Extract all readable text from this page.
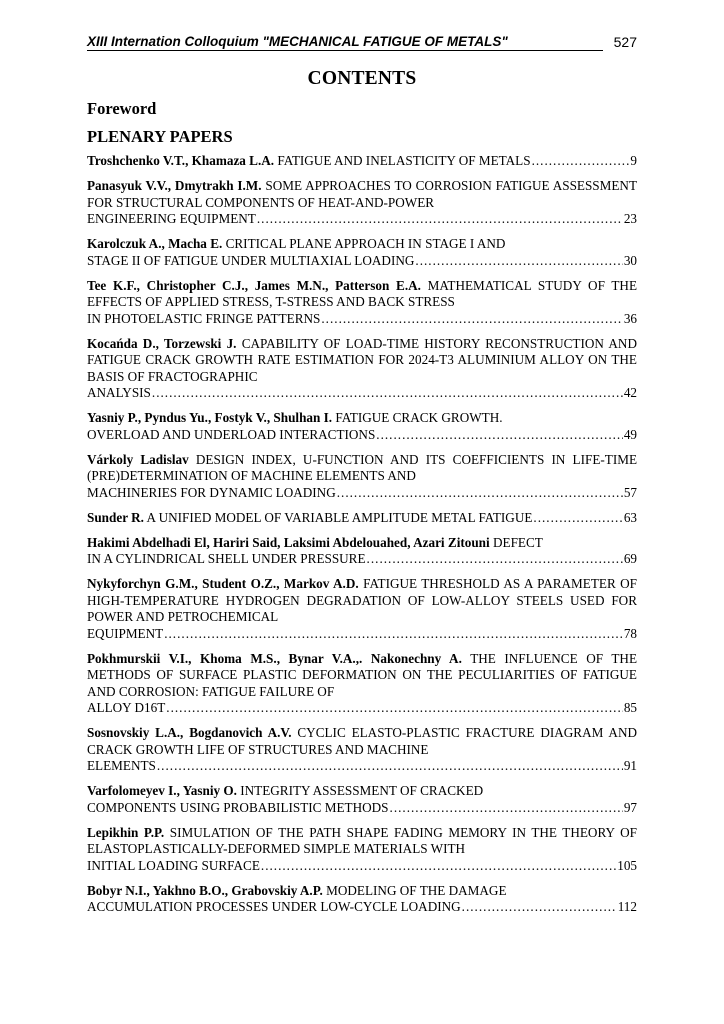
XIII Internation Colloquium "MECHANICAL FATIGUE OF METALS"	527
CONTENTS
Foreword
PLENARY PAPERS
Troshchenko V.T., Khamaza L.A. FATIGUE AND INELASTICITY OF METALS .....	9
Panasyuk V.V., Dmytrakh I.M. SOME APPROACHES TO CORROSION FATIGUE ASSESSMENT FOR STRUCTURAL COMPONENTS OF HEAT-AND-POWER
ENGINEERING EQUIPMENT .....	23
Karolczuk A., Macha E. CRITICAL PLANE APPROACH IN STAGE I AND
STAGE II OF FATIGUE UNDER MULTIAXIAL LOADING .....	30
Tee K.F., Christopher C.J., James M.N., Patterson E.A. MATHEMATICAL STUDY OF THE EFFECTS OF APPLIED STRESS, T-STRESS AND BACK STRESS
IN PHOTOELASTIC FRINGE PATTERNS .....	36
Kocańda D., Torzewski J. CAPABILITY OF LOAD-TIME HISTORY RECONSTRUCTION AND FATIGUE CRACK GROWTH RATE ESTIMATION FOR 2024-T3 ALUMINIUM ALLOY ON THE BASIS OF FRACTOGRAPHIC
ANALYSIS .....	42
Yasniy P., Pyndus Yu., Fostyk V., Shulhan I. FATIGUE CRACK GROWTH.
OVERLOAD AND UNDERLOAD INTERACTIONS .....	49
Várkoly Ladislav DESIGN INDEX, U-FUNCTION AND ITS COEFFICIENTS IN LIFE-TIME (PRE)DETERMINATION OF MACHINE ELEMENTS AND
MACHINERIES FOR DYNAMIC LOADING .....	57
Sunder R. A UNIFIED MODEL OF VARIABLE AMPLITUDE METAL FATIGUE .....	63
Hakimi Abdelhadi El, Hariri Said, Laksimi Abdelouahed, Azari Zitouni DEFECT
IN A CYLINDRICAL SHELL UNDER PRESSURE .....	69
Nykyforchyn G.M., Student O.Z., Markov A.D. FATIGUE THRESHOLD AS A PARAMETER OF HIGH-TEMPERATURE HYDROGEN DEGRADATION OF LOW-ALLOY STEELS USED FOR POWER AND PETROCHEMICAL
EQUIPMENT .....	78
Pokhmurskii V.I., Khoma M.S., Bynar V.A.,. Nakonechny A. THE INFLUENCE OF THE METHODS OF SURFACE PLASTIC DEFORMATION ON THE PECULIARITIES OF FATIGUE AND CORROSION: FATIGUE FAILURE OF
ALLOY D16T .....	85
Sosnovskiy L.A., Bogdanovich A.V. CYCLIC ELASTO-PLASTIC FRACTURE DIAGRAM AND CRACK GROWTH LIFE OF STRUCTURES AND MACHINE
ELEMENTS .....	91
Varfolomeyev I., Yasniy O. INTEGRITY ASSESSMENT OF CRACKED
COMPONENTS USING PROBABILISTIC METHODS .....	97
Lepikhin P.P. SIMULATION OF THE PATH SHAPE FADING MEMORY IN THE THEORY OF ELASTOPLASTICALLY-DEFORMED SIMPLE MATERIALS WITH
INITIAL LOADING SURFACE .....	105
Bobyr N.I., Yakhno B.O., Grabovskiy A.P. MODELING OF THE DAMAGE
ACCUMULATION PROCESSES UNDER LOW-CYCLE LOADING .....	112
